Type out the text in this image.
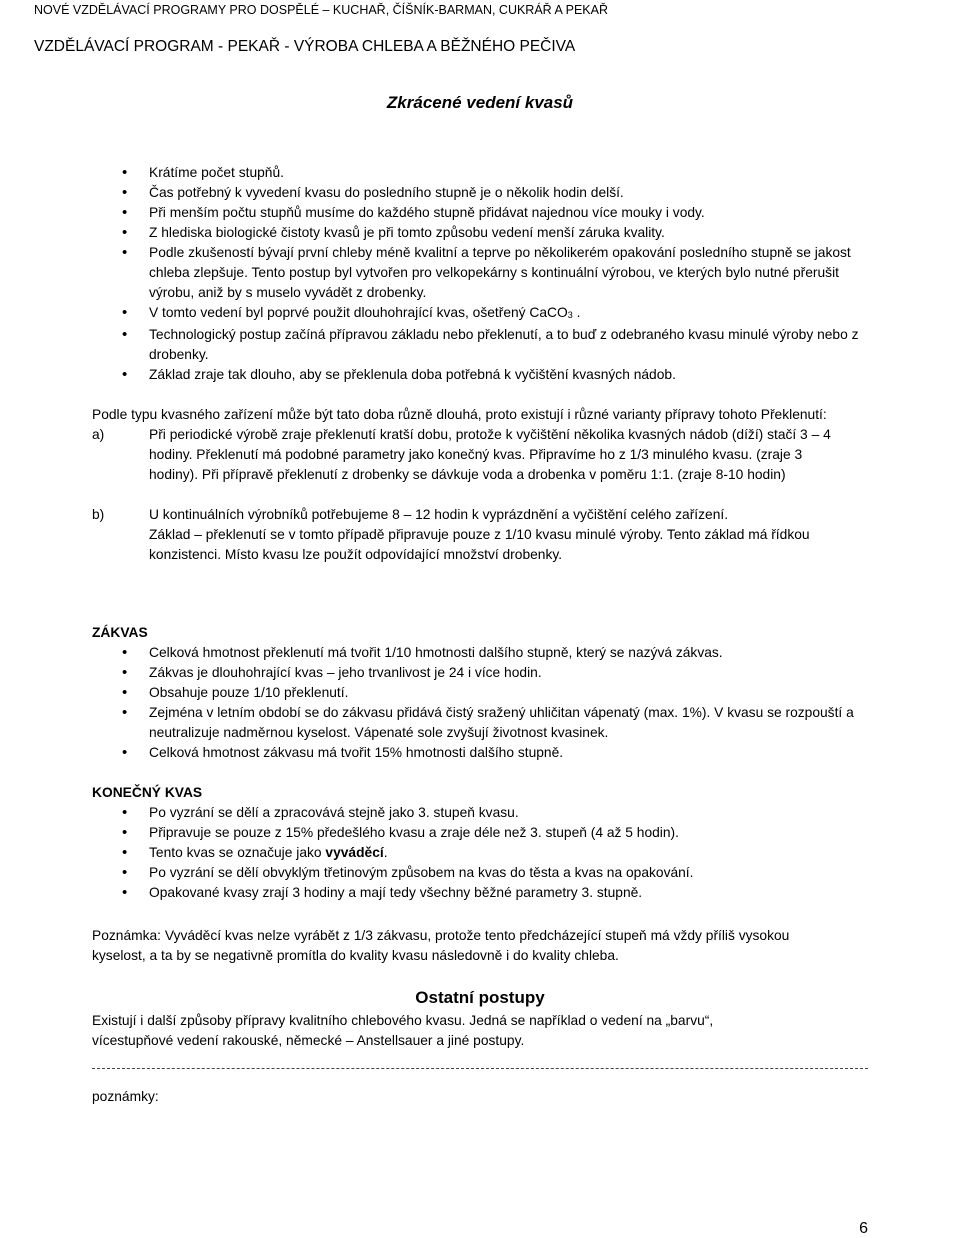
NOVÉ VZDĚLÁVACÍ PROGRAMY PRO DOSPĚLÉ – KUCHAŘ, ČÍŠNÍK-BARMAN, CUKRÁŘ A PEKAŘ
VZDĚLÁVACÍ PROGRAM - PEKAŘ - VÝROBA CHLEBA A BĚŽNÉHO PEČIVA
Zkrácené vedení kvasů
• Krátíme počet stupňů.
• Čas potřebný k vyvedení kvasu do posledního stupně je o několik hodin delší.
• Při menším počtu stupňů musíme do každého stupně přidávat najednou více mouky i vody.
• Z hlediska biologické čistoty kvasů je při tomto způsobu vedení menší záruka kvality.
• Podle zkušeností bývají první chleby méně kvalitní a teprve po několikerém opakování posledního stupně se jakost chleba zlepšuje. Tento postup byl vytvořen pro velkopekárny s kontinuální výrobou, ve kterých bylo nutné přerušit výrobu, aniž by s muselo vyvádět z drobenky.
• V tomto vedení byl poprvé použit dlouhohrající kvas, ošetřený CaCO$_3$ .
• Technologický postup začíná přípravou základu nebo překlenutí, a to buď z odebraného kvasu minulé výroby nebo z drobenky.
• Základ zraje tak dlouho, aby se překlenula doba potřebná k vyčištění kvasných nádob.
Podle typu kvasného zařízení může být tato doba různě dlouhá, proto existují i různé varianty přípravy tohoto Překlenutí:
a)	Při periodické výrobě zraje překlenutí kratší dobu, protože k vyčištění několika kvasných nádob (díží) stačí 3 – 4 hodiny. Překlenutí má podobné parametry jako konečný kvas. Připravíme ho z 1/3 minulého kvasu. (zraje 3 hodiny). Při přípravě překlenutí z drobenky se dávkuje voda a drobenka v poměru 1:1. (zraje 8-10 hodin)
b)	U kontinuálních výrobníků potřebujeme 8 – 12 hodin k vyprázdnění a vyčištění celého zařízení.
Základ – překlenutí se v tomto případě připravuje pouze z 1/10 kvasu minulé výroby. Tento základ má řídkou konzistenci. Místo kvasu lze použít odpovídající množství drobenky.
ZÁKVAS
• Celková hmotnost překlenutí má tvořit 1/10 hmotnosti dalšího stupně, který se nazývá zákvas.
• Zákvas je dlouhohrající kvas – jeho trvanlivost je 24 i více hodin.
• Obsahuje pouze 1/10 překlenutí.
• Zejména v letním období se do zákvasu přidává čistý sražený uhličitan vápenatý (max. 1%). V kvasu se rozpouští a neutralizuje nadměrnou kyselost. Vápenaté sole zvyšují životnost kvasinek.
• Celková hmotnost zákvasu má tvořit 15% hmotnosti dalšího stupně.
KONEČNÝ KVAS
• Po vyzrání se dělí a zpracovává stejně jako 3. stupeň kvasu.
• Připravuje se pouze z 15% předešlého kvasu a zraje déle než 3. stupeň (4 až 5 hodin).
• Tento kvas se označuje jako vyváděcí.
• Po vyzrání se dělí obvyklým třetinovým způsobem na kvas do těsta a kvas na opakování.
• Opakované kvasy zrají 3 hodiny a mají tedy všechny běžné parametry 3. stupně.
Poznámka: Vyváděcí kvas nelze vyrábět z 1/3 zákvasu, protože tento předcházející stupeň má vždy příliš vysokou kyselost, a ta by se negativně promítla do kvality kvasu následovně i do kvality chleba.
Ostatní postupy
Existují i další způsoby přípravy kvalitního chlebového kvasu. Jedná se například o vedení na „barvu“, vícestupňové vedení rakouské, německé – Anstellsauer a jiné postupy.
poznámky:
6
